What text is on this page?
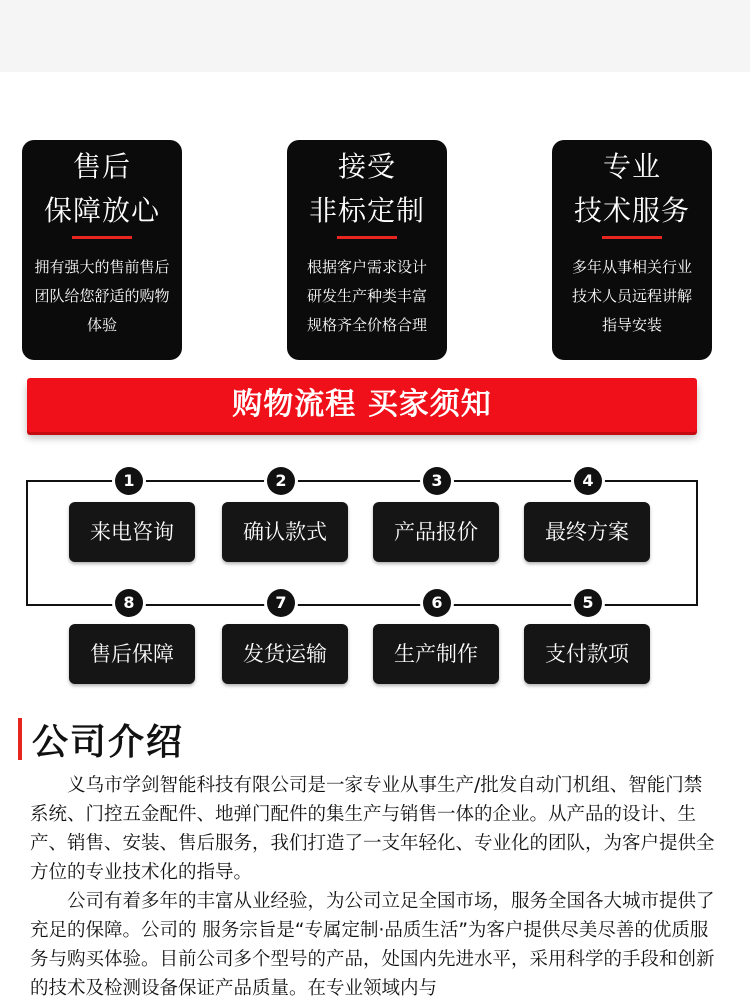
售后
保障放心
拥有强大的售前售后
团队给您舒适的购物
体验
接受
非标定制
根据客户需求设计
研发生产种类丰富
规格齐全价格合理
专业
技术服务
多年从事相关行业
技术人员远程讲解
指导安装
购物流程 买家须知
1	2	3	4
来电咨询	确认款式	产品报价	最终方案
8	7	6	5
售后保障	发货运输	生产制作	支付款项
公司介绍

义乌市学剑智能科技有限公司是一家专业从事生产/批发自动门机组、智能门禁系统、门控五金配件、地弹门配件的集生产与销售一体的企业。从产品的设计、生产、销售、安装、售后服务，我们打造了一支年轻化、专业化的团队，为客户提供全方位的专业技术化的指导。

公司有着多年的丰富从业经验，为公司立足全国市场，服务全国各大城市提供了充足的保障。公司的 服务宗旨是“专属定制·品质生活”为客户提供尽美尽善的优质服务与购买体验。目前公司多个型号的产品，处国内先进水平，采用科学的手段和创新的技术及检测设备保证产品质量。在专业领域内与
